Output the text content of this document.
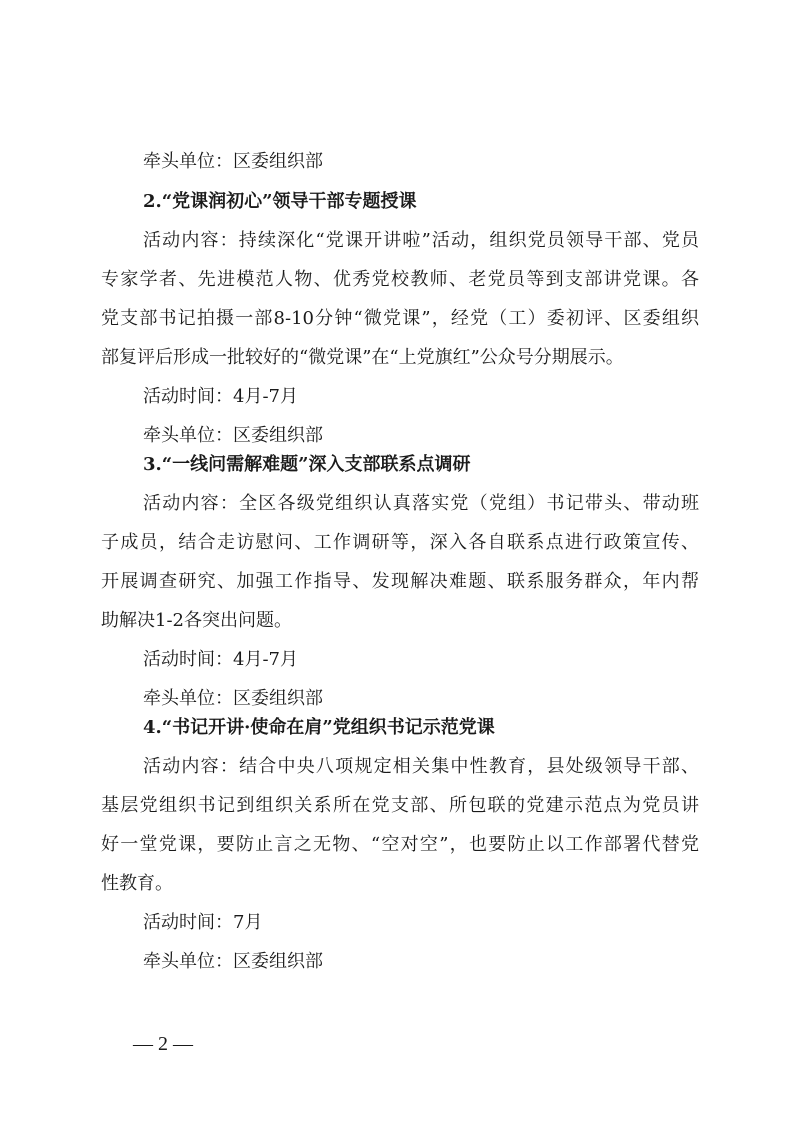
牵头单位：区委组织部
2.“党课润初心”领导干部专题授课
活动内容：持续深化“党课开讲啦”活动，组织党员领导干部、党员
专家学者、先进模范人物、优秀党校教师、老党员等到支部讲党课。各
党支部书记拍摄一部8-10分钟“微党课”，经党（工）委初评、区委组织
部复评后形成一批较好的“微党课”在“上党旗红”公众号分期展示。
活动时间：4月-7月
牵头单位：区委组织部
3.“一线问需解难题”深入支部联系点调研
活动内容：全区各级党组织认真落实党（党组）书记带头、带动班
子成员，结合走访慰问、工作调研等，深入各自联系点进行政策宣传、
开展调查研究、加强工作指导、发现解决难题、联系服务群众，年内帮
助解决1-2各突出问题。
活动时间：4月-7月
牵头单位：区委组织部
4.“书记开讲·使命在肩”党组织书记示范党课
活动内容：结合中央八项规定相关集中性教育，县处级领导干部、
基层党组织书记到组织关系所在党支部、所包联的党建示范点为党员讲
好一堂党课，要防止言之无物、“空对空”，也要防止以工作部署代替党
性教育。
活动时间：7月
牵头单位：区委组织部
— 2 —
